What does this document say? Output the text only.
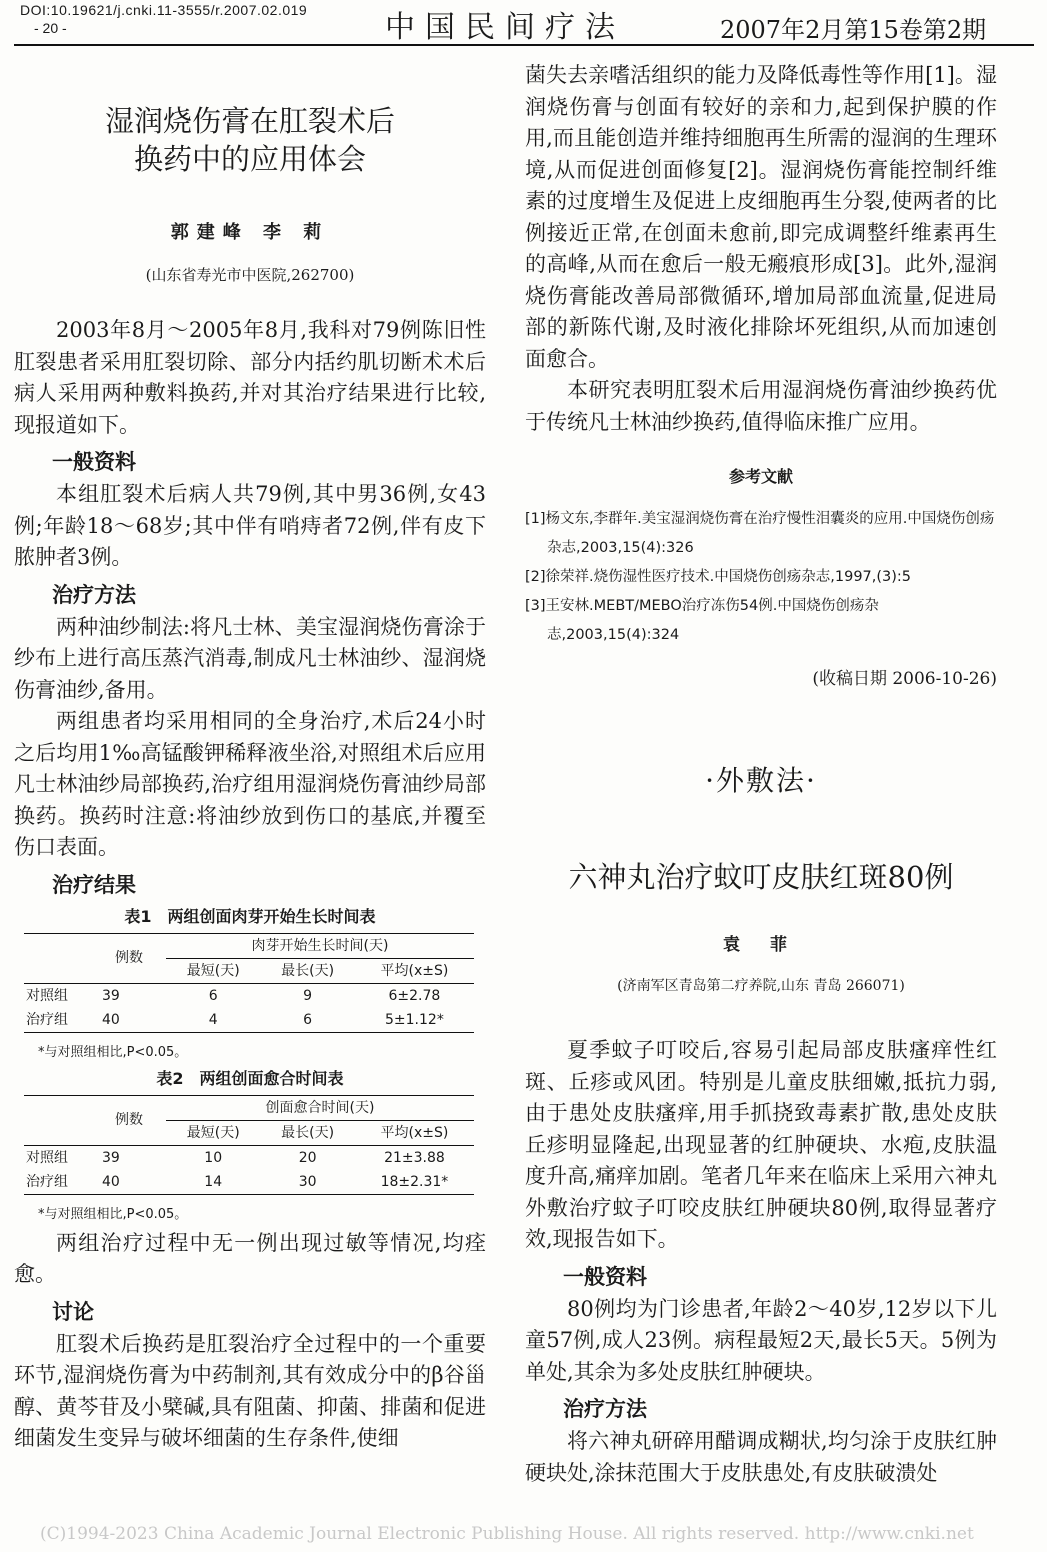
DOI:10.19621/j.cnki.11-3555/r.2007.02.019
- 20 -	中国民间疗法	2007年2月第15卷第2期
湿润烧伤膏在肛裂术后
换药中的应用体会
郭建峰 李 莉
(山东省寿光市中医院,262700)

2003年8月～2005年8月,我科对79例陈旧性肛裂患者采用肛裂切除、部分内括约肌切断术术后病人采用两种敷料换药,并对其治疗结果进行比较,现报道如下。

一般资料

本组肛裂术后病人共79例,其中男36例,女43例;年龄18～68岁;其中伴有哨痔者72例,伴有皮下脓肿者3例。

治疗方法

两种油纱制法:将凡士林、美宝湿润烧伤膏涂于纱布上进行高压蒸汽消毒,制成凡士林油纱、湿润烧伤膏油纱,备用。

两组患者均采用相同的全身治疗,术后24小时之后均用1‰高锰酸钾稀释液坐浴,对照组术后应用凡士林油纱局部换药,治疗组用湿润烧伤膏油纱局部换药。换药时注意:将油纱放到伤口的基底,并覆至伤口表面。

治疗结果
表1　两组创面肉芽开始生长时间表
例数	肉芽开始生长时间(天)		
	最短(天)	最长(天)	平均(x±S)
对照组 39	6	9	6±2.78
治疗组 40	4	6	5±1.12*
*与对照组相比,P<0.05。
表2　两组创面愈合时间表
例数	创面愈合时间(天)		
	最短(天)	最长(天)	平均(x±S)
对照组 39	10	20	21±3.88
治疗组 40	14	30	18±2.31*
*与对照组相比,P<0.05。

两组治疗过程中无一例出现过敏等情况,均痊愈。

讨论

肛裂术后换药是肛裂治疗全过程中的一个重要环节,湿润烧伤膏为中药制剂,其有效成分中的β谷甾醇、黄芩苷及小檗碱,具有阻菌、抑菌、排菌和促进细菌发生变异与破坏细菌的生存条件,使细

菌失去亲嗜活组织的能力及降低毒性等作用[1]。湿润烧伤膏与创面有较好的亲和力,起到保护膜的作用,而且能创造并维持细胞再生所需的湿润的生理环境,从而促进创面修复[2]。湿润烧伤膏能控制纤维素的过度增生及促进上皮细胞再生分裂,使两者的比例接近正常,在创面未愈前,即完成调整纤维素再生的高峰,从而在愈后一般无瘢痕形成[3]。此外,湿润烧伤膏能改善局部微循环,增加局部血流量,促进局部的新陈代谢,及时液化排除坏死组织,从而加速创面愈合。

本研究表明肛裂术后用湿润烧伤膏油纱换药优于传统凡士林油纱换药,值得临床推广应用。

参考文献
[1]杨文东,李群年.美宝湿润烧伤膏在治疗慢性泪囊炎的应用.中国烧伤创疡杂志,2003,15(4):326
[2]徐荣祥.烧伤湿性医疗技术.中国烧伤创疡杂志,1997,(3):5
[3]王安林.MEBT/MEBO治疗冻伤54例.中国烧伤创疡杂志,2003,15(4):324
(收稿日期 2006-10-26)
·外敷法·
六神丸治疗蚊叮皮肤红斑80例
袁 菲
(济南军区青岛第二疗养院,山东 青岛 266071)

夏季蚊子叮咬后,容易引起局部皮肤瘙痒性红斑、丘疹或风团。特别是儿童皮肤细嫩,抵抗力弱,由于患处皮肤瘙痒,用手抓挠致毒素扩散,患处皮肤丘疹明显隆起,出现显著的红肿硬块、水疱,皮肤温度升高,痛痒加剧。笔者几年来在临床上采用六神丸外敷治疗蚊子叮咬皮肤红肿硬块80例,取得显著疗效,现报告如下。

一般资料

80例均为门诊患者,年龄2～40岁,12岁以下儿童57例,成人23例。病程最短2天,最长5天。5例为单处,其余为多处皮肤红肿硬块。

治疗方法

将六神丸研碎用醋调成糊状,均匀涂于皮肤红肿硬块处,涂抹范围大于皮肤患处,有皮肤破溃处

(C)1994-2023 China Academic Journal Electronic Publishing House. All rights reserved. http://www.cnki.net
